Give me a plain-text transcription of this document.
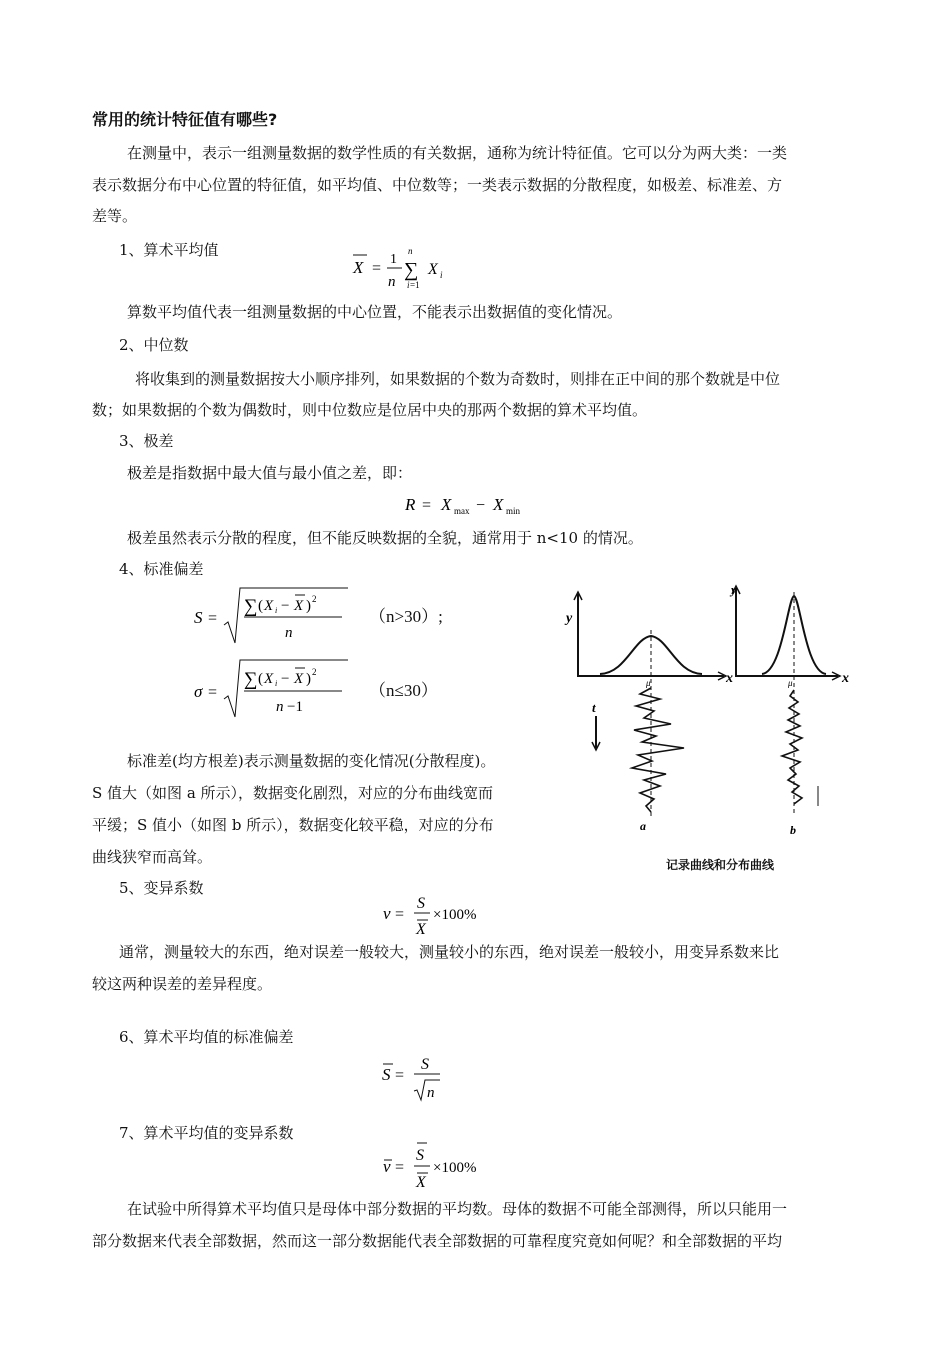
常用的统计特征值有哪些?
在测量中，表示一组测量数据的数学性质的有关数据，通称为统计特征值。它可以分为两大类：一类
表示数据分布中心位置的特征值，如平均值、中位数等；一类表示数据的分散程度，如极差、标准差、方
差等。
1、算术平均值
X =
1
n
n
∑
i =1
X i
算数平均值代表一组测量数据的中心位置，不能表示出数据值的变化情况。
2、中位数
将收集到的测量数据按大小顺序排列，如果数据的个数为奇数时，则排在正中间的那个数就是中位
数；如果数据的个数为偶数时，则中位数应是位居中央的那两个数据的算术平均值。
3、极差
极差是指数据中最大值与最小值之差，即：
R = X max − X min
极差虽然表示分散的程度，但不能反映数据的全貌，通常用于 n<10 的情况。
4、标准偏差
S =
∑ ( X i − X ) 2
n
（n>30）;
σ =
∑ ( X i − X ) 2
n −1
（n≤30）
标准差(均方根差)表示测量数据的变化情况(分散程度)。
S 值大（如图 a 所示），数据变化剧烈，对应的分布曲线宽而
平缓；S 值小（如图 b 所示），数据变化较平稳，对应的分布
曲线狭窄而高耸。
y
x
μ
t
a
y
x
μ
b
记录曲线和分布曲线
5、变异系数
ν =
S
X
×100%
通常，测量较大的东西，绝对误差一般较大，测量较小的东西，绝对误差一般较小，用变异系数来比
较这两种误差的差异程度。
6、算术平均值的标准偏差
S =
S
n
7、算术平均值的变异系数
ν =
S
X
×100%
在试验中所得算术平均值只是母体中部分数据的平均数。母体的数据不可能全部测得，所以只能用一
部分数据来代表全部数据，然而这一部分数据能代表全部数据的可靠程度究竟如何呢？和全部数据的平均
